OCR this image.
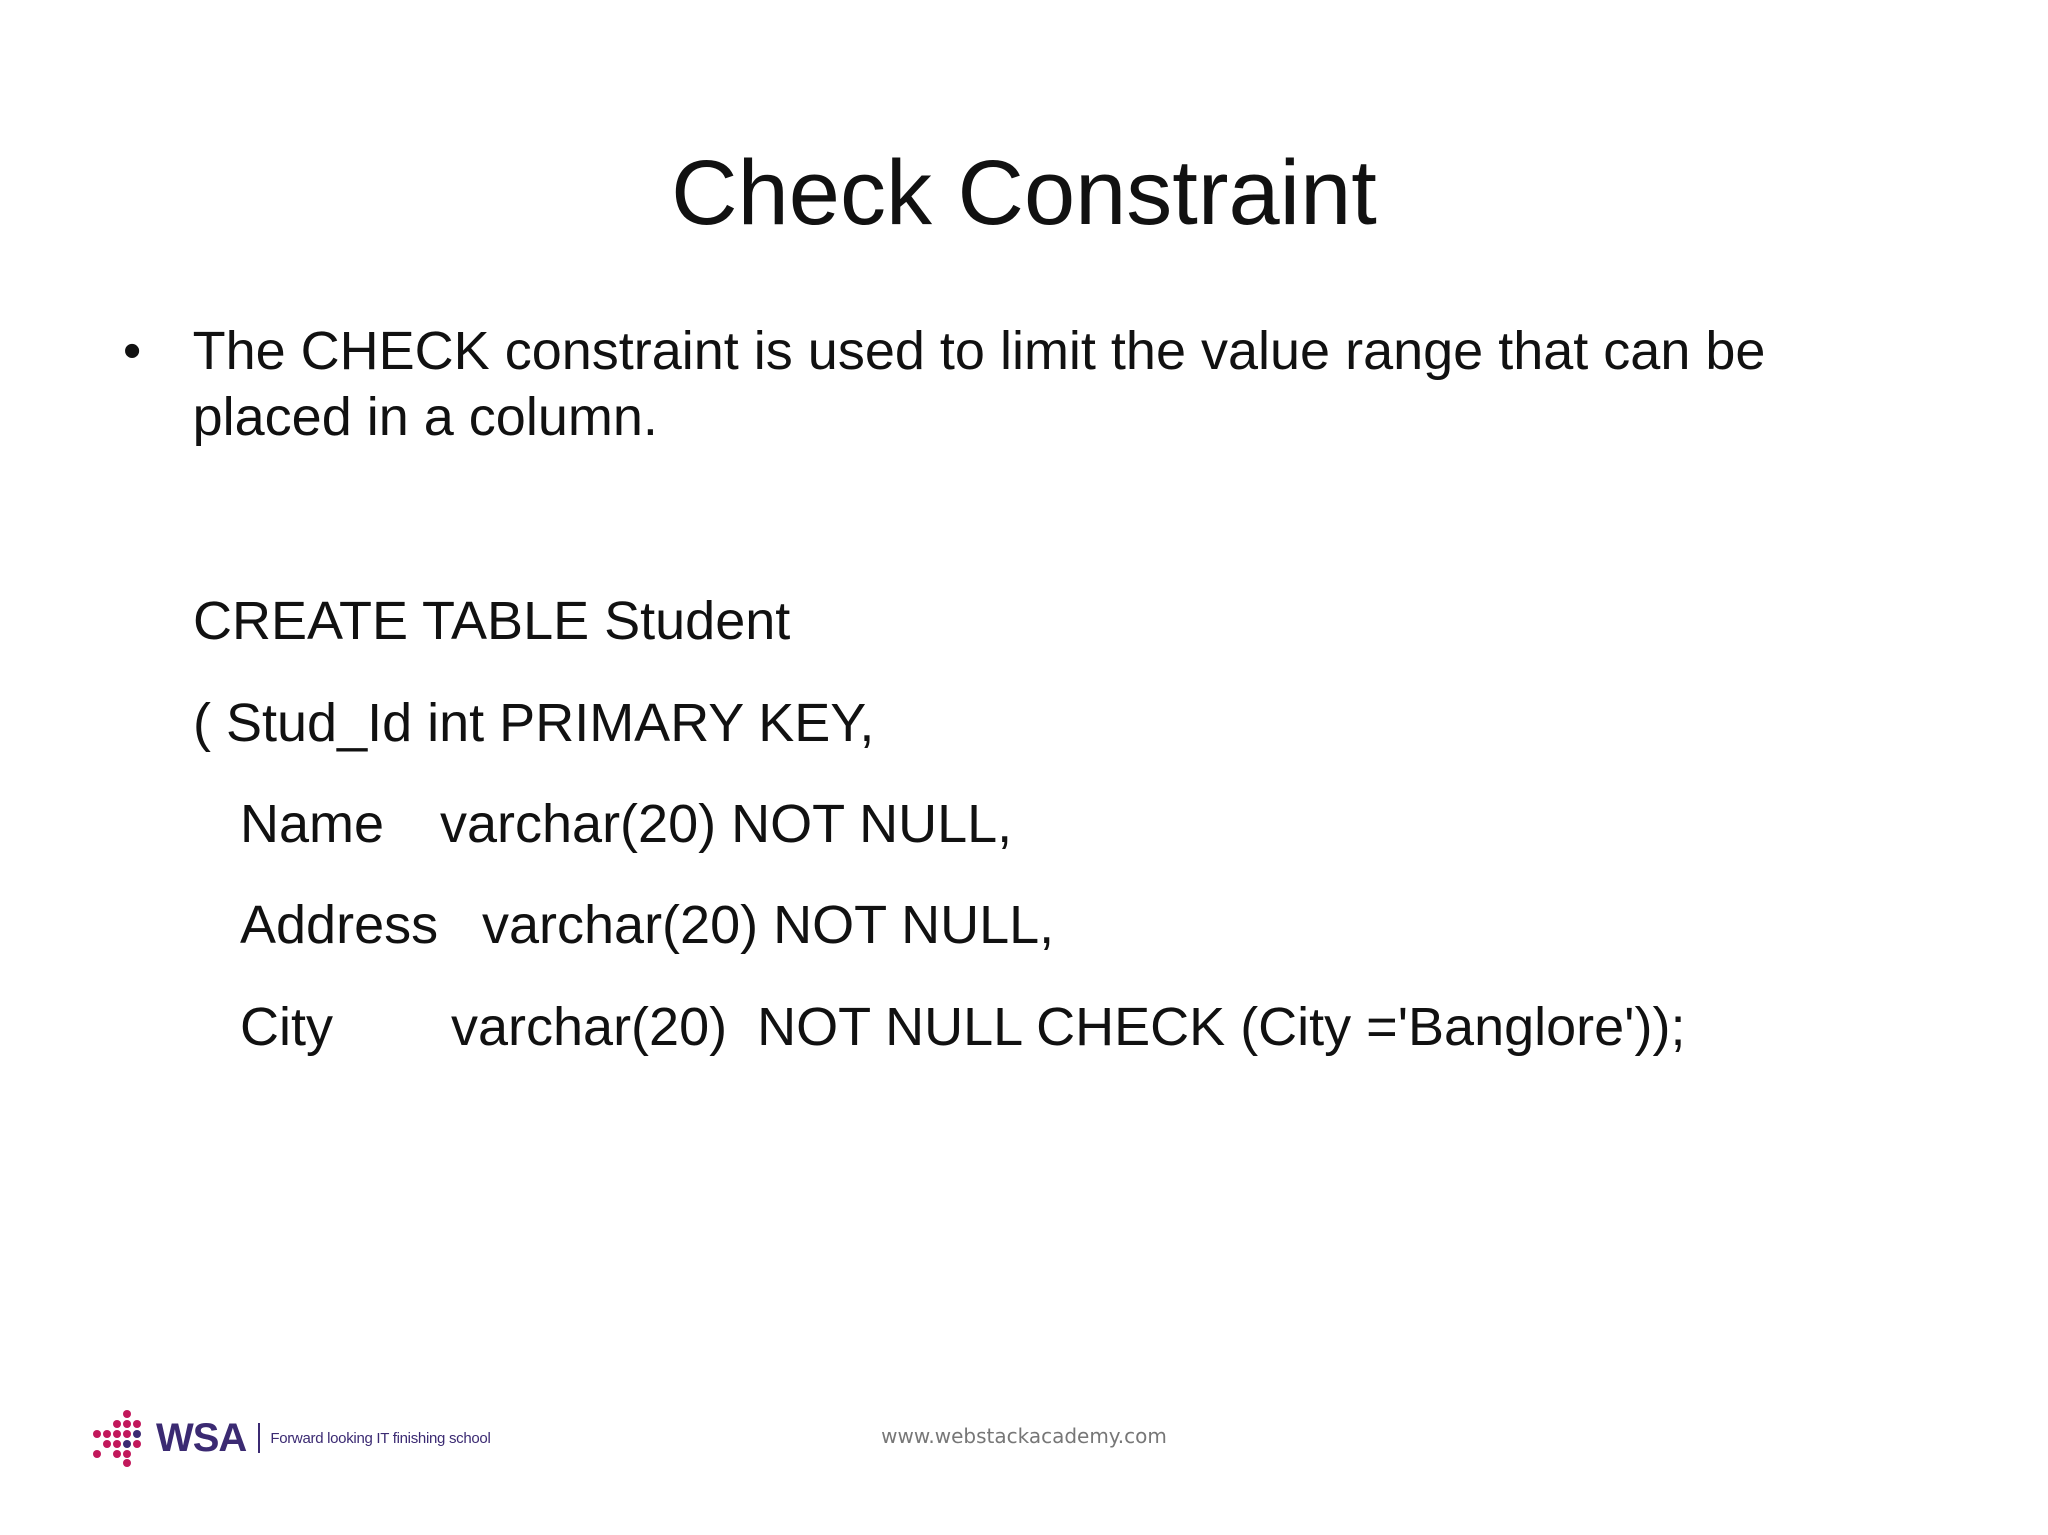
Check Constraint
• The CHECK constraint is used to limit the value range that can be placed in a column.
CREATE TABLE Student
( Stud_Id int PRIMARY KEY,
Name varchar(20) NOT NULL,
Address varchar(20) NOT NULL,
City varchar(20)  NOT NULL CHECK (City ='Banglore'));
WSA Forward looking IT finishing school	www.webstackacademy.com
